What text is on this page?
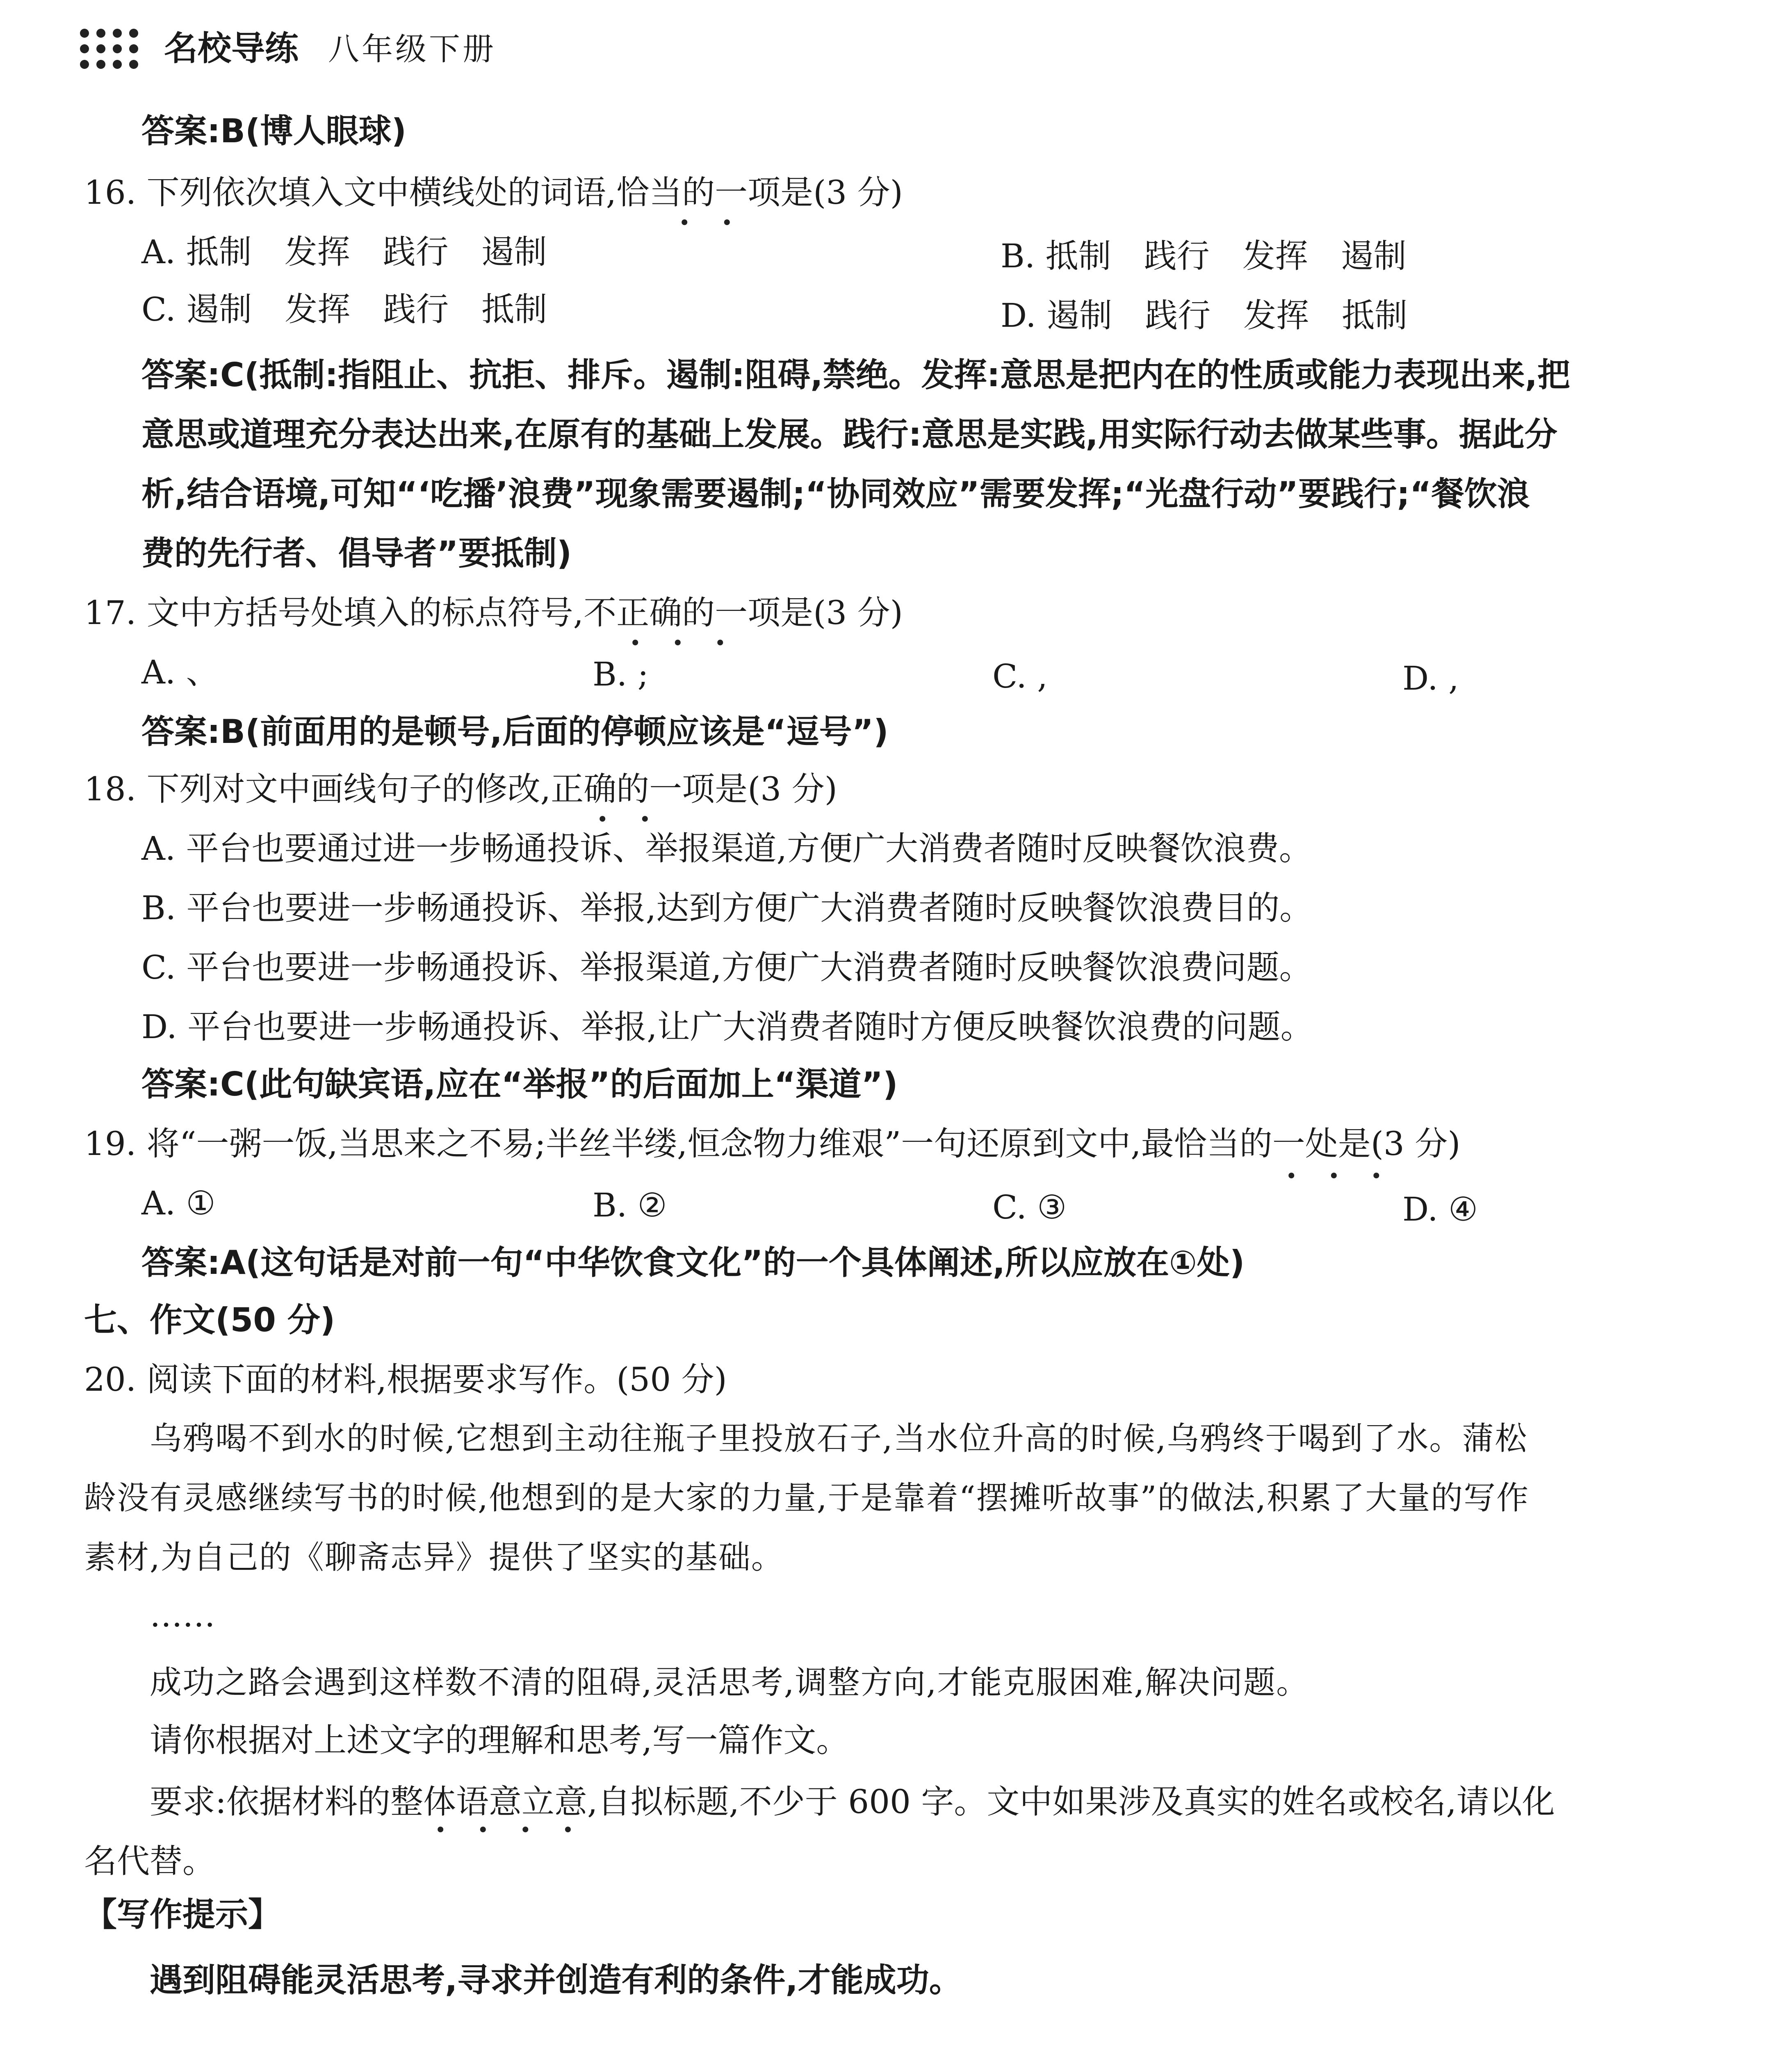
名校导练 八年级下册
答案:B(博人眼球)
16. 下列依次填入文中横线处的词语,恰当的一项是(3 分)
• •
A. 抵制　发挥　践行　遏制	B. 抵制　践行　发挥　遏制
C. 遏制　发挥　践行　抵制	D. 遏制　践行　发挥　抵制
答案:C(抵制:指阻止、抗拒、排斥。遏制:阻碍,禁绝。发挥:意思是把内在的性质或能力表现出来,把
意思或道理充分表达出来,在原有的基础上发展。践行:意思是实践,用实际行动去做某些事。据此分
析,结合语境,可知“‘吃播’浪费”现象需要遏制;“协同效应”需要发挥;“光盘行动”要践行;“餐饮浪
费的先行者、倡导者”要抵制)
17. 文中方括号处填入的标点符号,不正确的一项是(3 分)
• • •
A. 、	B. ;	C. ,	D. ,
答案:B(前面用的是顿号,后面的停顿应该是“逗号”)
18. 下列对文中画线句子的修改,正确的一项是(3 分)
• •
A. 平台也要通过进一步畅通投诉、举报渠道,方便广大消费者随时反映餐饮浪费。
B. 平台也要进一步畅通投诉、举报,达到方便广大消费者随时反映餐饮浪费目的。
C. 平台也要进一步畅通投诉、举报渠道,方便广大消费者随时反映餐饮浪费问题。
D. 平台也要进一步畅通投诉、举报,让广大消费者随时方便反映餐饮浪费的问题。
答案:C(此句缺宾语,应在“举报”的后面加上“渠道”)
19. 将“一粥一饭,当思来之不易;半丝半缕,恒念物力维艰”一句还原到文中,最恰当的一处是(3 分)
• • •
A. ①	B. ②	C. ③	D. ④
答案:A(这句话是对前一句“中华饮食文化”的一个具体阐述,所以应放在①处)
七、作文(50 分)
20. 阅读下面的材料,根据要求写作。(50 分)
乌鸦喝不到水的时候,它想到主动往瓶子里投放石子,当水位升高的时候,乌鸦终于喝到了水。蒲松
龄没有灵感继续写书的时候,他想到的是大家的力量,于是靠着“摆摊听故事”的做法,积累了大量的写作
素材,为自己的《聊斋志异》提供了坚实的基础。
……
成功之路会遇到这样数不清的阻碍,灵活思考,调整方向,才能克服困难,解决问题。
请你根据对上述文字的理解和思考,写一篇作文。
要求:依据材料的整体语意立意,自拟标题,不少于 600 字。文中如果涉及真实的姓名或校名,请以化
• • • •
名代替。
【写作提示】
遇到阻碍能灵活思考,寻求并创造有利的条件,才能成功。
